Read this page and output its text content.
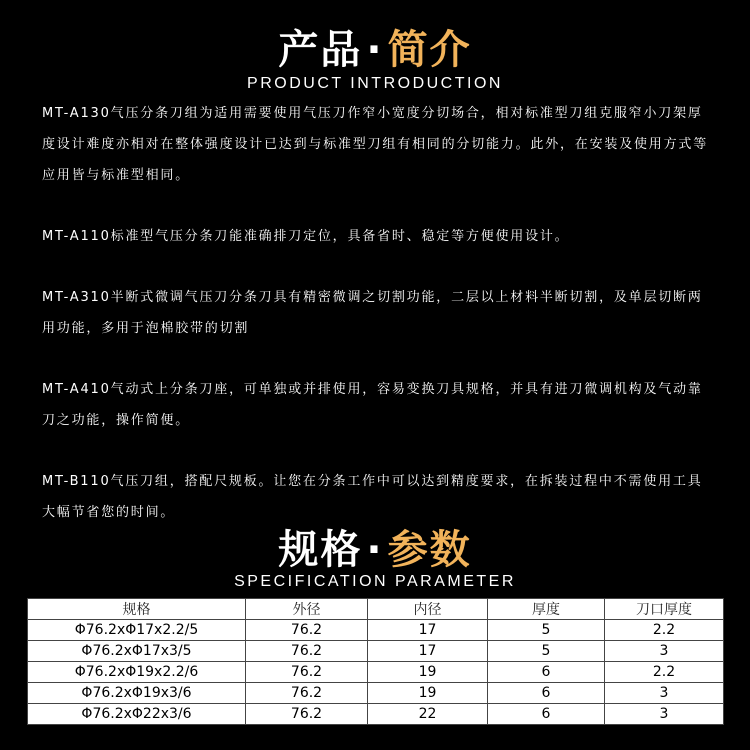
产品 · 简介
PRODUCT INTRODUCTION

MT-A130气压分条刀组为适用需要使用气压刀作窄小宽度分切场合，相对标准型刀组克服窄小刀架厚度设计难度亦相对在整体强度设计已达到与标准型刀组有相同的分切能力。此外，在安装及使用方式等应用皆与标准型相同。

MT-A110标准型气压分条刀能准确排刀定位，具备省时、稳定等方便使用设计。

MT-A310半断式微调气压刀分条刀具有精密微调之切割功能，二层以上材料半断切割，及单层切断两用功能，多用于泡棉胶带的切割

MT-A410气动式上分条刀座，可单独或并排使用，容易变换刀具规格，并具有进刀微调机构及气动靠刀之功能，操作简便。

MT-B110气压刀组，搭配尺规板。让您在分条工作中可以达到精度要求，在拆装过程中不需使用工具大幅节省您的时间。

规格 · 参数
SPECIFICATION PARAMETER
规格	外径	内径	厚度	刀口厚度
Φ76.2xΦ17x2.2/5	76.2	17	5	2.2
Φ76.2xΦ17x3/5	76.2	17	5	3
Φ76.2xΦ19x2.2/6	76.2	19	6	2.2
Φ76.2xΦ19x3/6	76.2	19	6	3
Φ76.2xΦ22x3/6	76.2	22	6	3
